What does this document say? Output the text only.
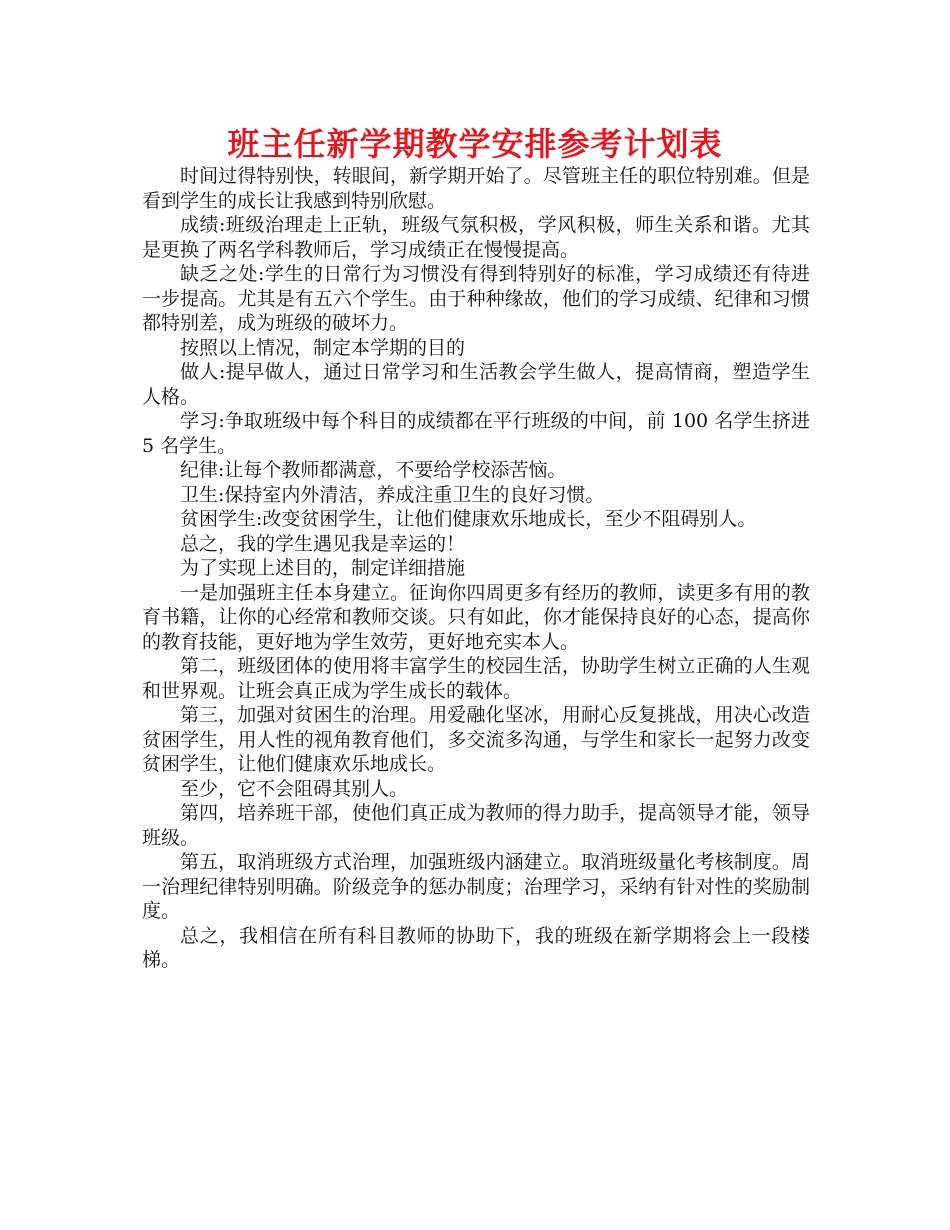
班主任新学期教学安排参考计划表

时间过得特别快，转眼间，新学期开始了。尽管班主任的职位特别难。但是看到学生的成长让我感到特别欣慰。

成绩:班级治理走上正轨，班级气氛积极，学风积极，师生关系和谐。尤其是更换了两名学科教师后，学习成绩正在慢慢提高。

缺乏之处:学生的日常行为习惯没有得到特别好的标准，学习成绩还有待进一步提高。尤其是有五六个学生。由于种种缘故，他们的学习成绩、纪律和习惯都特别差，成为班级的破坏力。

按照以上情况，制定本学期的目的

做人:提早做人，通过日常学习和生活教会学生做人，提高情商，塑造学生人格。

学习:争取班级中每个科目的成绩都在平行班级的中间，前 100 名学生挤进 5 名学生。

纪律:让每个教师都满意，不要给学校添苦恼。

卫生:保持室内外清洁，养成注重卫生的良好习惯。

贫困学生:改变贫困学生，让他们健康欢乐地成长，至少不阻碍别人。

总之，我的学生遇见我是幸运的！

为了实现上述目的，制定详细措施

一是加强班主任本身建立。征询你四周更多有经历的教师，读更多有用的教育书籍，让你的心经常和教师交谈。只有如此，你才能保持良好的心态，提高你的教育技能，更好地为学生效劳，更好地充实本人。

第二，班级团体的使用将丰富学生的校园生活，协助学生树立正确的人生观和世界观。让班会真正成为学生成长的载体。

第三，加强对贫困生的治理。用爱融化坚冰，用耐心反复挑战，用决心改造贫困学生，用人性的视角教育他们，多交流多沟通，与学生和家长一起努力改变贫困学生，让他们健康欢乐地成长。

至少，它不会阻碍其别人。

第四，培养班干部，使他们真正成为教师的得力助手，提高领导才能，领导班级。

第五，取消班级方式治理，加强班级内涵建立。取消班级量化考核制度。周一治理纪律特别明确。阶级竞争的惩办制度；治理学习，采纳有针对性的奖励制度。

总之，我相信在所有科目教师的协助下，我的班级在新学期将会上一段楼梯。
